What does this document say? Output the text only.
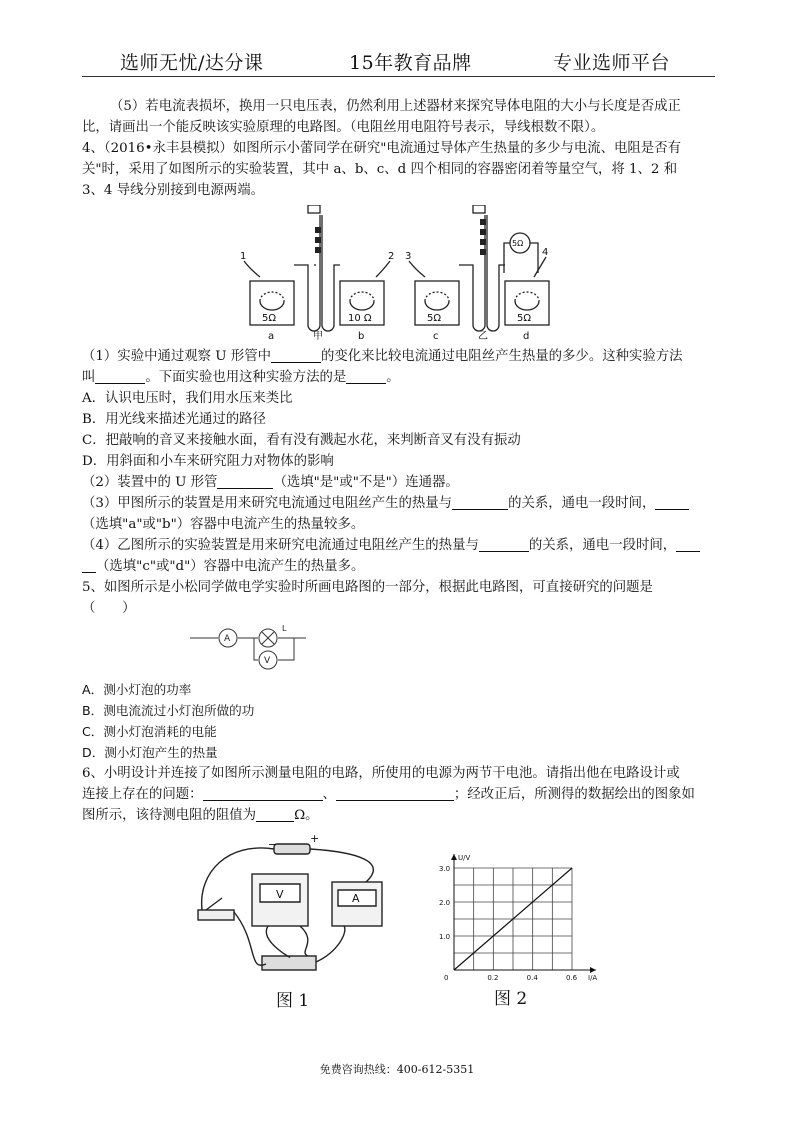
选师无忧/达分课	15年教育品牌	专业选师平台
（5）若电流表损坏，换用一只电压表，仍然利用上述器材来探究导体电阻的大小与长度是否成正
比，请画出一个能反映该实验原理的电路图。（电阻丝用电阻符号表示，导线根数不限）。
4、（2016•永丰县模拟）如图所示小蕾同学在研究"电流通过导体产生热量的多少与电流、电阻是否有
关"时，采用了如图所示的实验装置，其中 a、b、c、d 四个相同的容器密闭着等量空气，将 1、2 和
3、4 导线分别接到电源两端。
1	2 3	4
5Ω	10 Ω	5Ω	5Ω
5Ω
a	b	c	d
甲	乙
（1）实验中通过观察 U 形管中	的变化来比较电流通过电阻丝产生热量的多少。这种实验方法
叫	。下面实验也用这种实验方法的是	。
A．认识电压时，我们用水压来类比
B．用光线来描述光通过的路径
C．把敲响的音叉来接触水面，看有没有溅起水花，来判断音叉有没有振动
D．用斜面和小车来研究阻力对物体的影响
（2）装置中的 U 形管	（选填"是"或"不是"）连通器。
（3）甲图所示的装置是用来研究电流通过电阻丝产生的热量与	的关系，通电一段时间，
（选填"a"或"b"）容器中电流产生的热量较多。
（4）乙图所示的实验装置是用来研究电流通过电阻丝产生的热量与	的关系，通电一段时间，
（选填"c"或"d"）容器中电流产生的热量多。
5、如图所示是小松同学做电学实验时所画电路图的一部分，根据此电路图，可直接研究的问题是
（　　）
A
V
L
A．测小灯泡的功率
B．测电流流过小灯泡所做的功
C．测小灯泡消耗的电能
D．测小灯泡产生的热量
6、小明设计并连接了如图所示测量电阻的电路，所使用的电源为两节干电池。请指出他在电路设计或
连接上存在的问题：	、	；经改正后，所测得的数据绘出的图象如
图所示，该待测电阻的阻值为	Ω。
−	+
V	A
图 1
0	0.2	0.4	0.6
1.0
2.0
3.0
I/A
U/V
图 2
免费咨询热线：400-612-5351
